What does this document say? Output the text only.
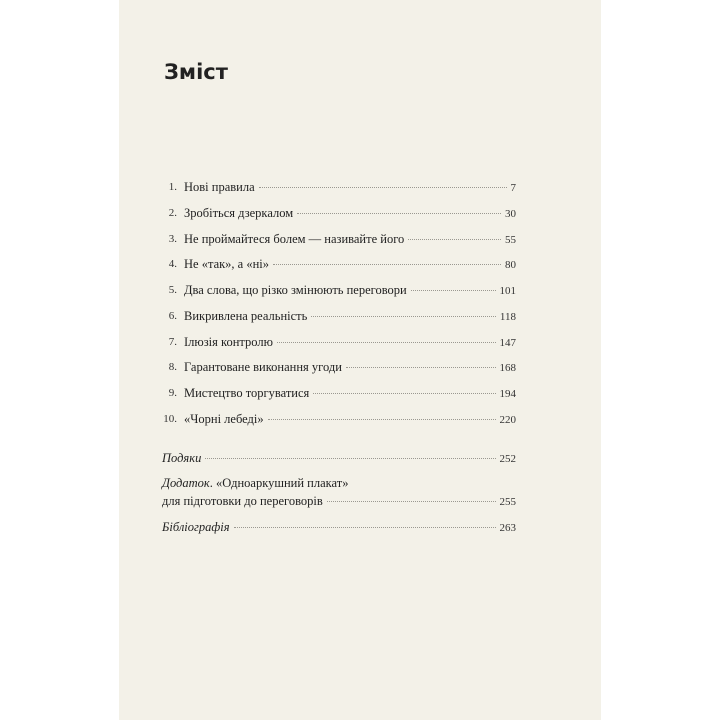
Зміст
1. Нові правила	7
2. Зробіться дзеркалом	30
3. Не проймайтеся болем — називайте його	55
4. Не «так», а «ні»	80
5. Два слова, що різко змінюють переговори	101
6. Викривлена реальність	118
7. Ілюзія контролю	147
8. Гарантоване виконання угоди	168
9. Мистецтво торгуватися	194
10. «Чорні лебеді»	220
Подяки	252
Додаток. «Одноаркушний плакат»
для підготовки до переговорів	255
Бібліографія	263
